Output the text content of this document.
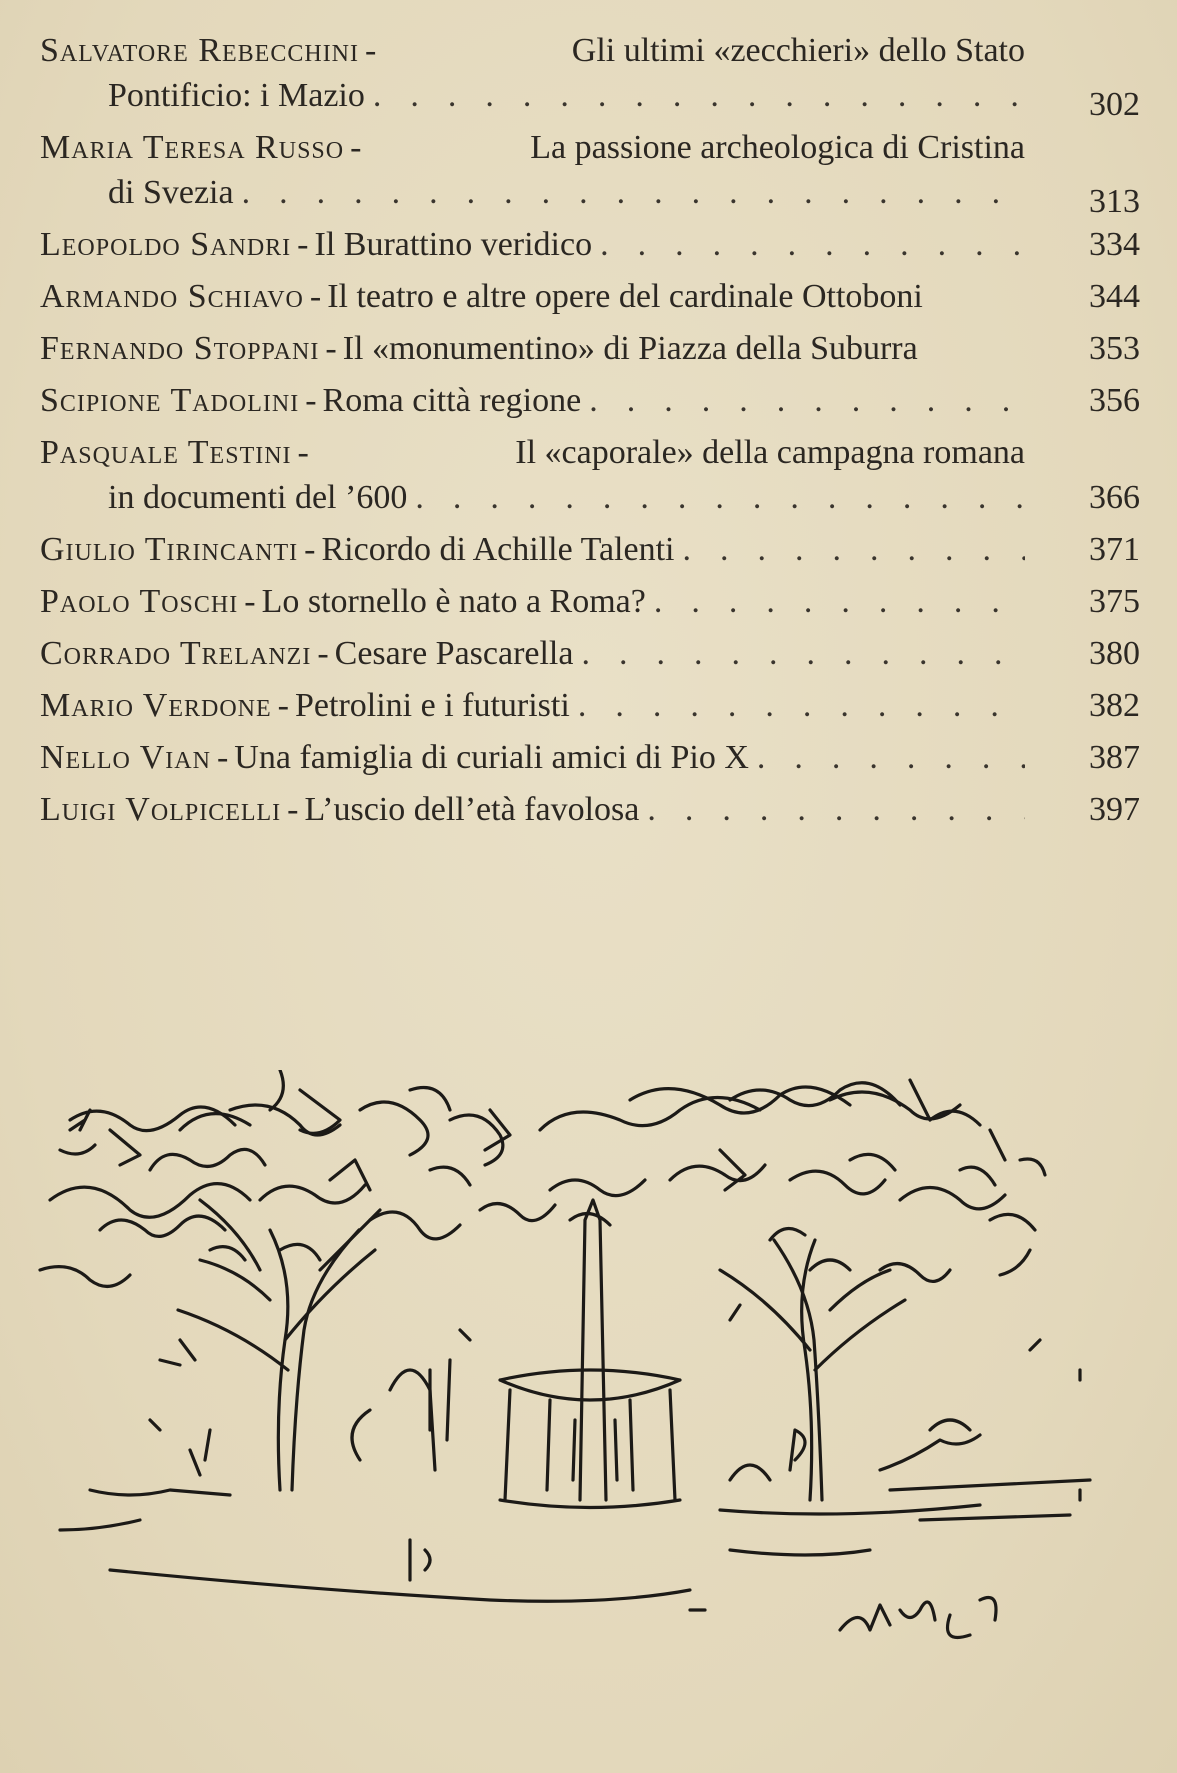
Salvatore Rebecchini -	Gli ultimi «zecchieri» dello Stato
Pontificio: i Mazio . .	302
Maria Teresa Russo -	La passione archeologica di Cristina
di Svezia . .	313
Leopoldo Sandri - Il Burattino veridico . .	334
Armando Schiavo - Il teatro e altre opere del cardinale Ottoboni	344
Fernando Stoppani - Il «monumentino» di Piazza della Suburra	353
Scipione Tadolini - Roma città regione . .	356
Pasquale Testini -	Il «caporale» della campagna romana
in documenti del ’600 . .	366
Giulio Tirincanti - Ricordo di Achille Talenti . .	371
Paolo Toschi - Lo stornello è nato a Roma? . .	375
Corrado Trelanzi - Cesare Pascarella . .	380
Mario Verdone - Petrolini e i futuristi . .	382
Nello Vian - Una famiglia di curiali amici di Pio X . .	387
Luigi Volpicelli - L’uscio dell’età favolosa . .	397
